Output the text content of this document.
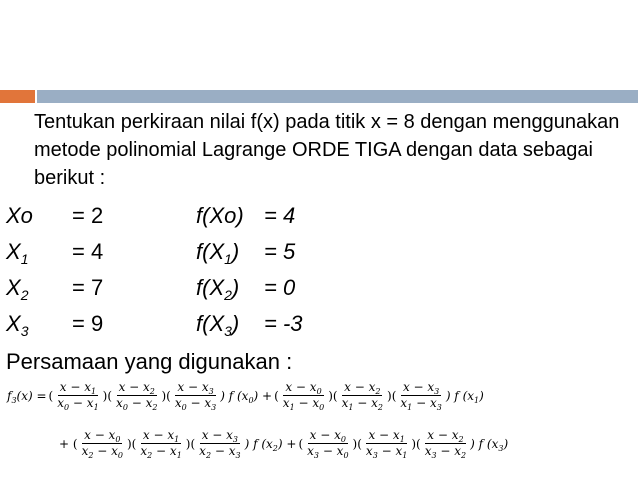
Tentukan perkiraan nilai f(x) pada titik x = 8 dengan menggunakan metode polinomial Lagrange ORDE TIGA dengan data sebagai berikut :

Xo = 2	f(Xo) = 4
$X_1 = 4$	$f(X_1) = 5$
$X_2 = 7$	$f(X_2) = 0$
$X_3 = 9$	$f(X_3) = -3$
Persamaan yang digunakan :
$f_3(x)$ = ( $\frac{x - x_1}{x_0 - x_1}$ )( $\frac{x - x_2}{x_0 - x_2}$ )( $\frac{x - x_3}{x_0 - x_3}$ ) f $(x_0)$ + ( $\frac{x - x_0}{x_1 - x_0}$ )( $\frac{x - x_2}{x_1 - x_2}$ )( $\frac{x - x_3}{x_1 - x_3}$ ) f $(x_1)$
+ ( $\frac{x - x_0}{x_2 - x_0}$ )( $\frac{x - x_1}{x_2 - x_1}$ )( $\frac{x - x_3}{x_2 - x_3}$ ) f $(x_2)$ + ( $\frac{x - x_0}{x_3 - x_0}$ )( $\frac{x - x_1}{x_3 - x_1}$ )( $\frac{x - x_2}{x_3 - x_2}$ ) f $(x_3)$
